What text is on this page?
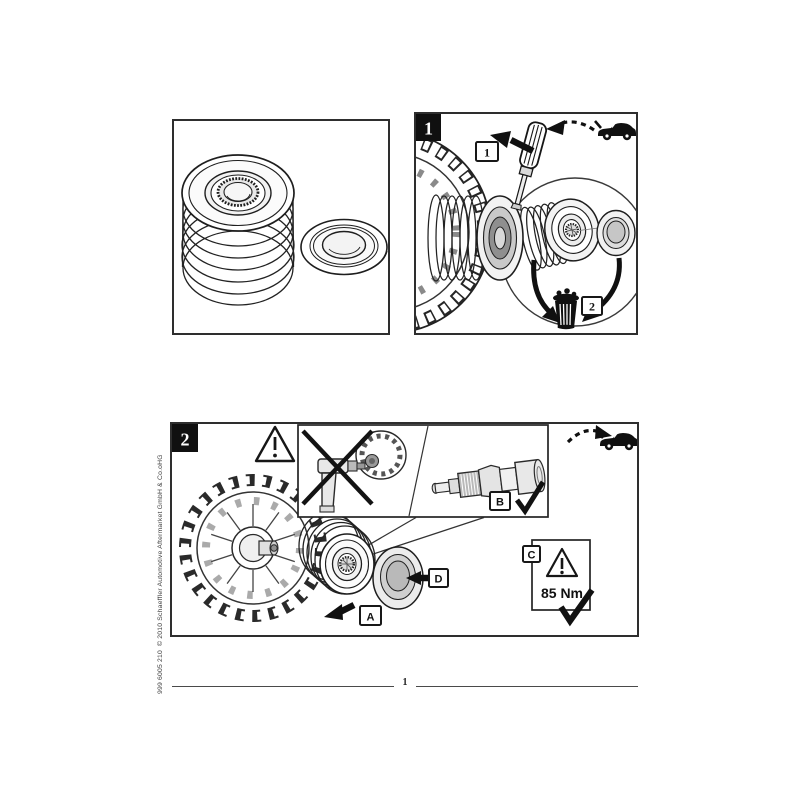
2
1
1
A
D
B
C
85 Nm
2
© 2010 Schaeffler Automotive Aftermarket GmbH & Co.oHG
999 6005 210	1
